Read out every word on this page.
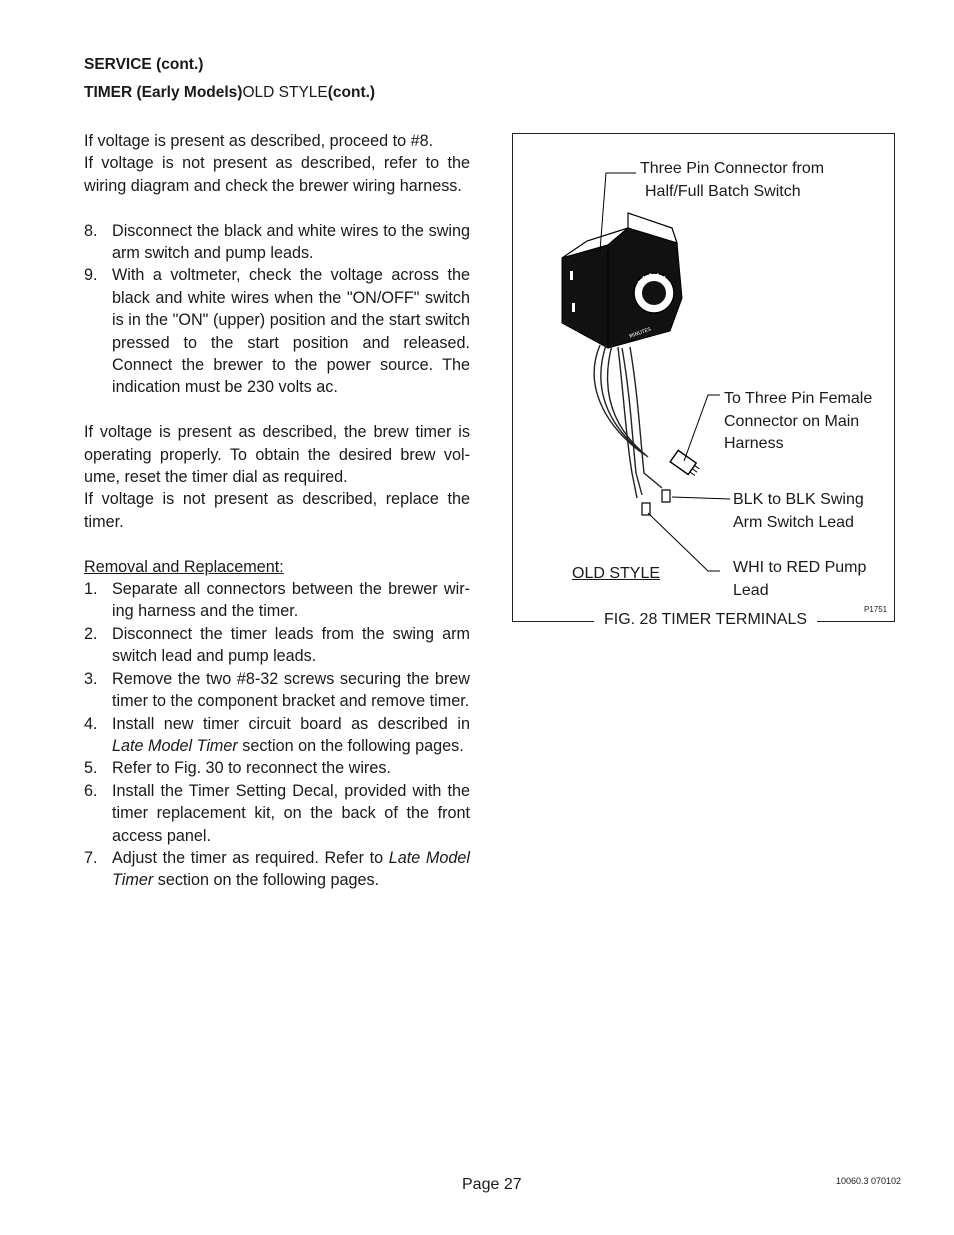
SERVICE (cont.)
TIMER (Early Models)OLD STYLE(cont.)

If voltage is present as described, proceed to #8.

If voltage is not present as described, refer to the wiring diagram and check the brewer wiring harness.

8. Disconnect the black and white wires to the swing arm switch and pump leads.
9. With a voltmeter, check the voltage across the black and white wires when the "ON/OFF" switch is in the "ON" (upper) position and the start switch pressed to the start position and released. Connect the brewer to the power source. The indication must be 230 volts ac.

If voltage is present as described, the brew timer is operating properly. To obtain the desired brew vol-ume, reset the timer dial as required.

If voltage is not present as described, replace the timer.

Removal and Replacement:

1. Separate all connectors between the brewer wir-ing harness and the timer.
2. Disconnect the timer leads from the swing arm switch lead and pump leads.
3. Remove the two #8-32 screws securing the brew timer to the component bracket and remove timer.
4. Install new timer circuit board as described in Late Model Timer section on the following pages.
5. Refer to Fig. 30 to reconnect the wires.
6. Install the Timer Setting Decal, provided with the timer replacement kit, on the back of the front access panel.
7. Adjust the timer as required. Refer to Late Model Timer section on the following pages.
MINUTES
Three Pin Connector from
Half/Full Batch Switch
To Three Pin Female
Connector on Main
Harness
BLK to BLK Swing
Arm Switch Lead
WHI to RED Pump
Lead
OLD STYLE
P1751
FIG. 28 TIMER TERMINALS
Page 27	10060.3 070102
